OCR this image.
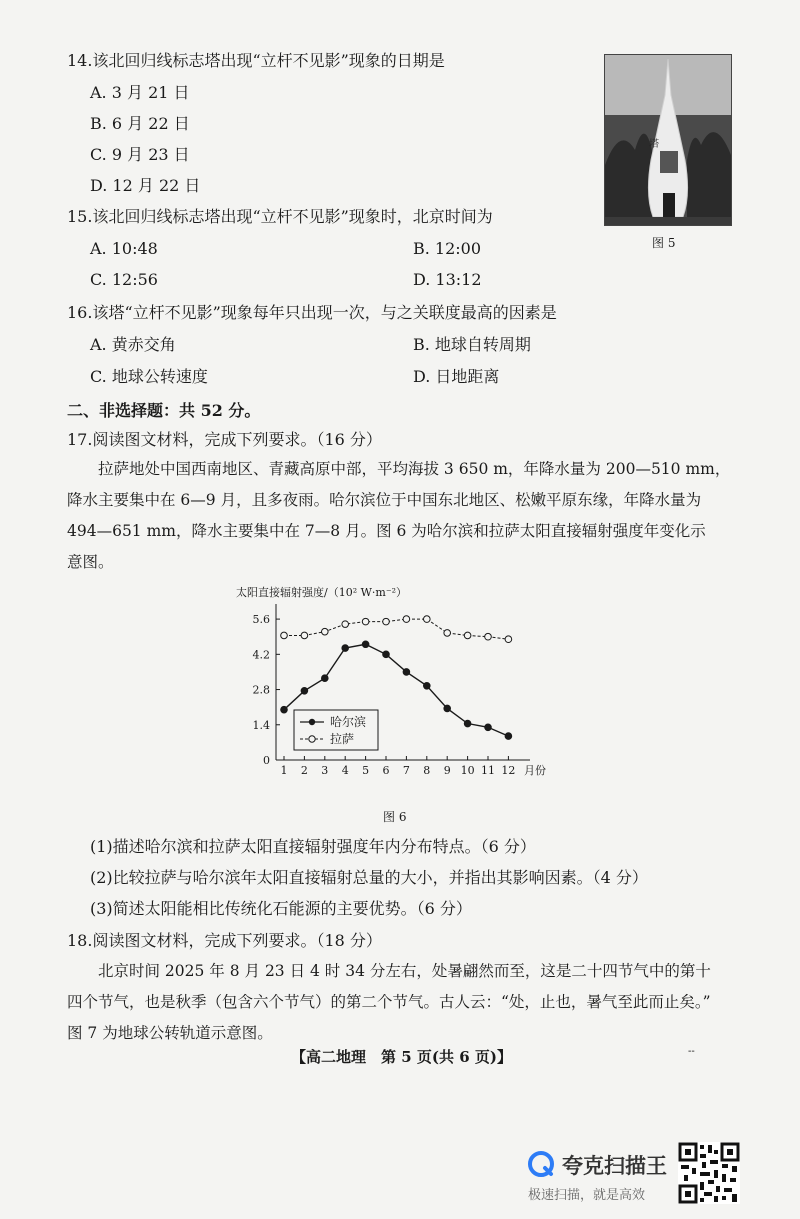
14.该北回归线标志塔出现“立杆不见影”现象的日期是
A. 3 月 21 日
B. 6 月 22 日
C. 9 月 23 日
D. 12 月 22 日
塔
图 5
15.该北回归线标志塔出现“立杆不见影”现象时，北京时间为
A. 10:48	B. 12:00
C. 12:56	D. 13:12
16.该塔“立杆不见影”现象每年只出现一次，与之关联度最高的因素是
A. 黄赤交角	B. 地球自转周期
C. 地球公转速度	D. 日地距离
二、非选择题：共 52 分。
17.阅读图文材料，完成下列要求。（16 分）
拉萨地处中国西南地区、青藏高原中部，平均海拔 3 650 m，年降水量为 200—510 mm，
降水主要集中在 6—9 月，且多夜雨。哈尔滨位于中国东北地区、松嫩平原东缘，年降水量为
494—651 mm，降水主要集中在 7—8 月。图 6 为哈尔滨和拉萨太阳直接辐射强度年变化示
意图。
太阳直接辐射强度/（10² W·m⁻²）
0
1.4
2.8
4.2
5.6
1 2 3 4 5 6 7 8 9 10 11 12 月份
哈尔滨
拉萨
图 6
(1)描述哈尔滨和拉萨太阳直接辐射强度年内分布特点。（6 分）
(2)比较拉萨与哈尔滨年太阳直接辐射总量的大小，并指出其影响因素。（4 分）
(3)简述太阳能相比传统化石能源的主要优势。（6 分）
18.阅读图文材料，完成下列要求。（18 分）
北京时间 2025 年 8 月 23 日 4 时 34 分左右，处暑翩然而至，这是二十四节气中的第十
四个节气，也是秋季（包含六个节气）的第二个节气。古人云：“处，止也，暑气至此而止矣。”
图 7 为地球公转轨道示意图。
【高二地理　第 5 页(共 6 页)】	--
夸克扫描王
极速扫描，就是高效
